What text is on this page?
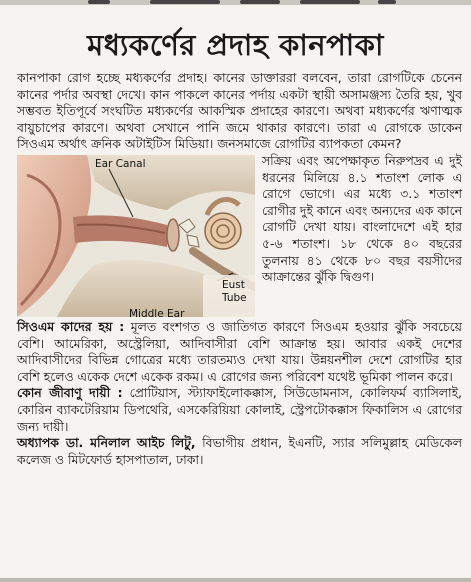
মধ্যকর্ণের প্রদাহ কানপাকা

কানপাকা রোগ হচ্ছে মধ্যকর্ণের প্রদাহ। কানের ডাক্তাররা বলবেন, তারা রোগটিকে চেনেন কানের পর্দার অবস্থা দেখে। কান পাকলে কানের পর্দায় একটা স্থায়ী অসামঞ্জস্য তৈরি হয়, খুব সম্ভবত ইতিপূর্বে সংঘটিত মধ্যকর্ণের আকস্মিক প্রদাহের কারণে। অথবা মধ্যকর্ণের ঋণাত্মক বায়ুচাপের কারণে। অথবা সেখানে পানি জমে থাকার কারণে। তারা এ রোগকে ডাকেন সিওএম অর্থাৎ ক্রনিক অটাইটিস মিডিয়া। জনসমাজে রোগটির ব্যাপকতা কেমন?

Ear Canal
Eust
Tube
Middle Ear
সক্রিয় এবং অপেক্ষাকৃত নিরুপদ্রব এ দুই ধরনের মিলিয়ে ৪.১ শতাংশ লোক এ রোগে ভোগে। এর মধ্যে ৩.১ শতাংশ রোগীর দুই কানে এবং অন্যদের এক কানে রোগটি দেখা যায়। বাংলাদেশে এই হার ৫-৬ শতাংশ। ১৮ থেকে ৪০ বছরের তুলনায় ৪১ থেকে ৮০ বছর বয়সীদের আক্রান্তের ঝুঁকি দ্বিগুণ।

সিওএম কাদের হয় : মূলত বংশগত ও জাতিগত কারণে সিওএম হওয়ার ঝুঁকি সবচেয়ে বেশি। আমেরিকা, অস্ট্রেলিয়া, আদিবাসীরা বেশি আক্রান্ত হয়। আবার একই দেশের আদিবাসীদের বিভিন্ন গোত্রের মধ্যে তারতম্যও দেখা যায়। উন্নয়নশীল দেশে রোগটির হার বেশি হলেও একেক দেশে একেক রকম। এ রোগের জন্য পরিবেশ যথেষ্ট ভূমিকা পালন করে।

কোন জীবাণু দায়ী : প্রোটিয়াস, স্ট্যাফাইলোকক্কাস, সিউডোমনাস, কোলিফর্ম ব্যাসিলাই, কোরিন ব্যাকটেরিয়াম ডিপথেরি, এসকেরিয়িয়া কোলাই, স্ট্রেপটোকক্কাস ফিকালিস এ রোগের জন্য দায়ী।

অধ্যাপক ডা. মনিলাল আইচ লিটু, বিভাগীয় প্রধান, ইএনটি, স্যার সলিমুল্লাহ মেডিকেল কলেজ ও মিটফোর্ড হাসপাতাল, ঢাকা।
